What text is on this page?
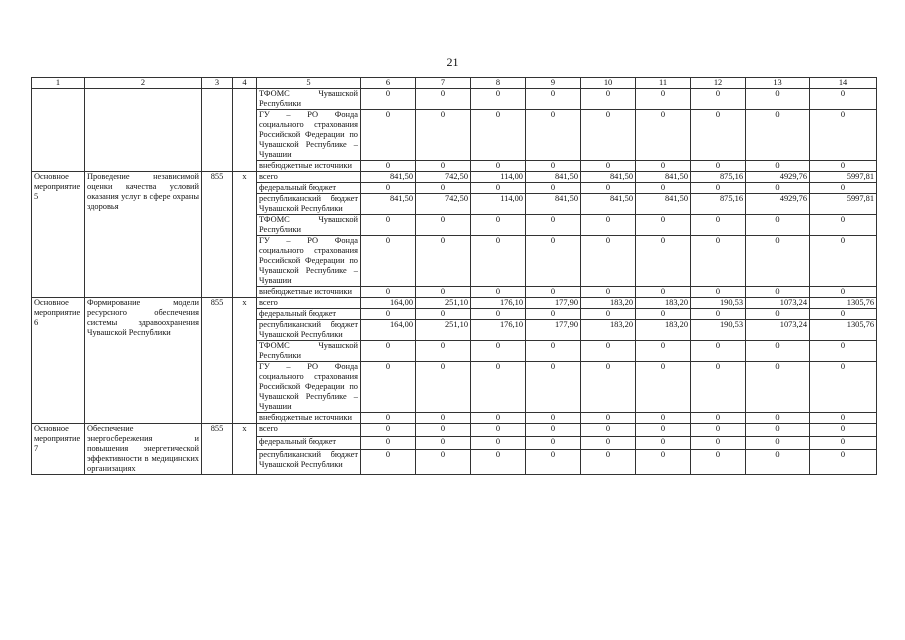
21
1	2	3	4	5	6	7	8	9	10	11	12	13	14
				ТФОМС Чувашской Республики	0	0	0	0	0	0	0	0	0
				ГУ – РО Фонда социального страхования Российской Федерации по Чувашской Республике – Чувашии	0	0	0	0	0	0	0	0	0
				внебюджетные источники	0	0	0	0	0	0	0	0	0
Основное мероприятие 5	Проведение независимой оценки качества условий оказания услуг в сфере охраны здоровья	855	x	всего	841,50	742,50	114,00	841,50	841,50	841,50	875,16	4929,76	5997,81
				федеральный бюджет	0	0	0	0	0	0	0	0	0
				республиканский бюджет Чувашской Республики	841,50	742,50	114,00	841,50	841,50	841,50	875,16	4929,76	5997,81
				ТФОМС Чувашской Республики	0	0	0	0	0	0	0	0	0
				ГУ – РО Фонда социального страхования Российской Федерации по Чувашской Республике – Чувашии	0	0	0	0	0	0	0	0	0
				внебюджетные источники	0	0	0	0	0	0	0	0	0
Основное мероприятие 6	Формирование модели ресурсного обеспечения системы здравоохранения Чувашской Республики	855	x	всего	164,00	251,10	176,10	177,90	183,20	183,20	190,53	1073,24	1305,76
				федеральный бюджет	0	0	0	0	0	0	0	0	0
				республиканский бюджет Чувашской Республики	164,00	251,10	176,10	177,90	183,20	183,20	190,53	1073,24	1305,76
				ТФОМС Чувашской Республики	0	0	0	0	0	0	0	0	0
				ГУ – РО Фонда социального страхования Российской Федерации по Чувашской Республике – Чувашии	0	0	0	0	0	0	0	0	0
				внебюджетные источники	0	0	0	0	0	0	0	0	0
Основное мероприятие 7	Обеспечение энергосбережения и повышения энергетической эффективности в медицинских организациях	855	x	всего	0	0	0	0	0	0	0	0	0
				федеральный бюджет	0	0	0	0	0	0	0	0	0
				республиканский бюджет Чувашской Республики	0	0	0	0	0	0	0	0	0
